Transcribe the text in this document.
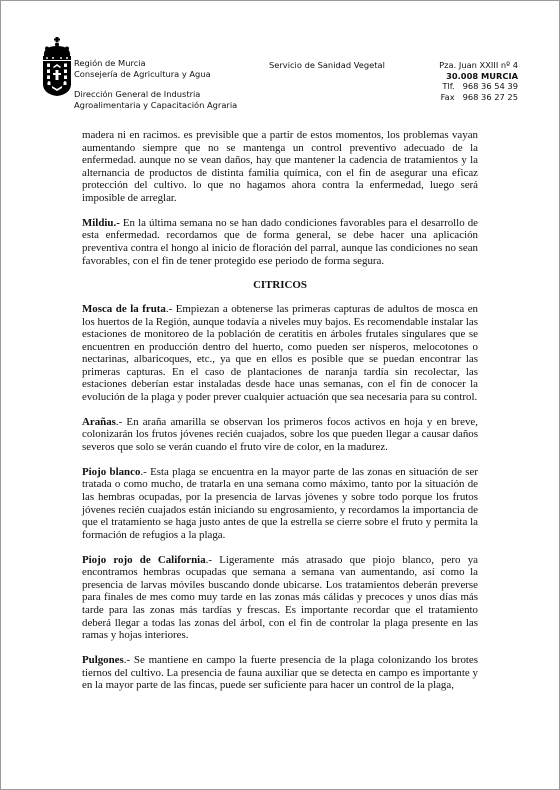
Región de Murcia
Consejería de Agricultura y Agua
Dirección General de Industria
Agroalimentaria y Capacitación Agraria
Servicio de Sanidad Vegetal	Pza. Juan XXIII nº 4
30.008 MURCIA
Tlf.   968 36 54 39
Fax   968 36 27 25

madera ni en racimos. es previsible que a partir de estos momentos, los problemas vayan aumentando siempre que no se mantenga un control preventivo adecuado de la enfermedad. aunque no se vean daños, hay que mantener la cadencia de tratamientos y la alternancia de productos de distinta familia química, con el fin de asegurar una eficaz protección del cultivo. lo que no hagamos ahora contra la enfermedad, luego será imposible de arreglar.

Mildiu.- En la última semana no se han dado condiciones favorables para el desarrollo de esta enfermedad. recordamos que de forma general, se debe hacer una aplicación preventiva contra el hongo al inicio de floración del parral, aunque las condiciones no sean favorables, con el fin de tener protegido ese periodo de forma segura.

CITRICOS

Mosca de la fruta.- Empiezan a obtenerse las primeras capturas de adultos de mosca en los huertos de la Región, aunque todavía a niveles muy bajos. Es recomendable instalar las estaciones de monitoreo de la población de ceratitis en árboles frutales singulares que se encuentren en producción dentro del huerto, como pueden ser nísperos, melocotones o nectarinas, albaricoques, etc., ya que en ellos es posible que se puedan encontrar las primeras capturas. En el caso de plantaciones de naranja tardía sin recolectar, las estaciones deberían estar instaladas desde hace unas semanas, con el fin de conocer la evolución de la plaga y poder prever cualquier actuación que sea necesaria para su control.

Arañas.- En araña amarilla se observan los primeros focos activos en hoja y en breve, colonizarán los frutos jóvenes recién cuajados, sobre los que pueden llegar a causar daños severos que solo se verán cuando el fruto vire de color, en la madurez.

Piojo blanco.- Esta plaga se encuentra en la mayor parte de las zonas en situación de ser tratada o como mucho, de tratarla en una semana como máximo, tanto por la situación de las hembras ocupadas, por la presencia de larvas jóvenes y sobre todo porque los frutos jóvenes recién cuajados están iniciando su engrosamiento, y recordamos la importancia de que el tratamiento se haga justo antes de que la estrella se cierre sobre el fruto y permita la formación de refugios a la plaga.

Piojo rojo de California.- Ligeramente más atrasado que piojo blanco, pero ya encontramos hembras ocupadas que semana a semana van aumentando, así como la presencia de larvas móviles buscando donde ubicarse. Los tratamientos deberán preverse para finales de mes como muy tarde en las zonas más cálidas y precoces y unos días más tarde para las zonas más tardías y frescas. Es importante recordar que el tratamiento deberá llegar a todas las zonas del árbol, con el fin de controlar la plaga presente en las ramas y hojas interiores.

Pulgones.- Se mantiene en campo la fuerte presencia de la plaga colonizando los brotes tiernos del cultivo. La presencia de fauna auxiliar que se detecta en campo es importante y en la mayor parte de las fincas, puede ser suficiente para hacer un control de la plaga,
